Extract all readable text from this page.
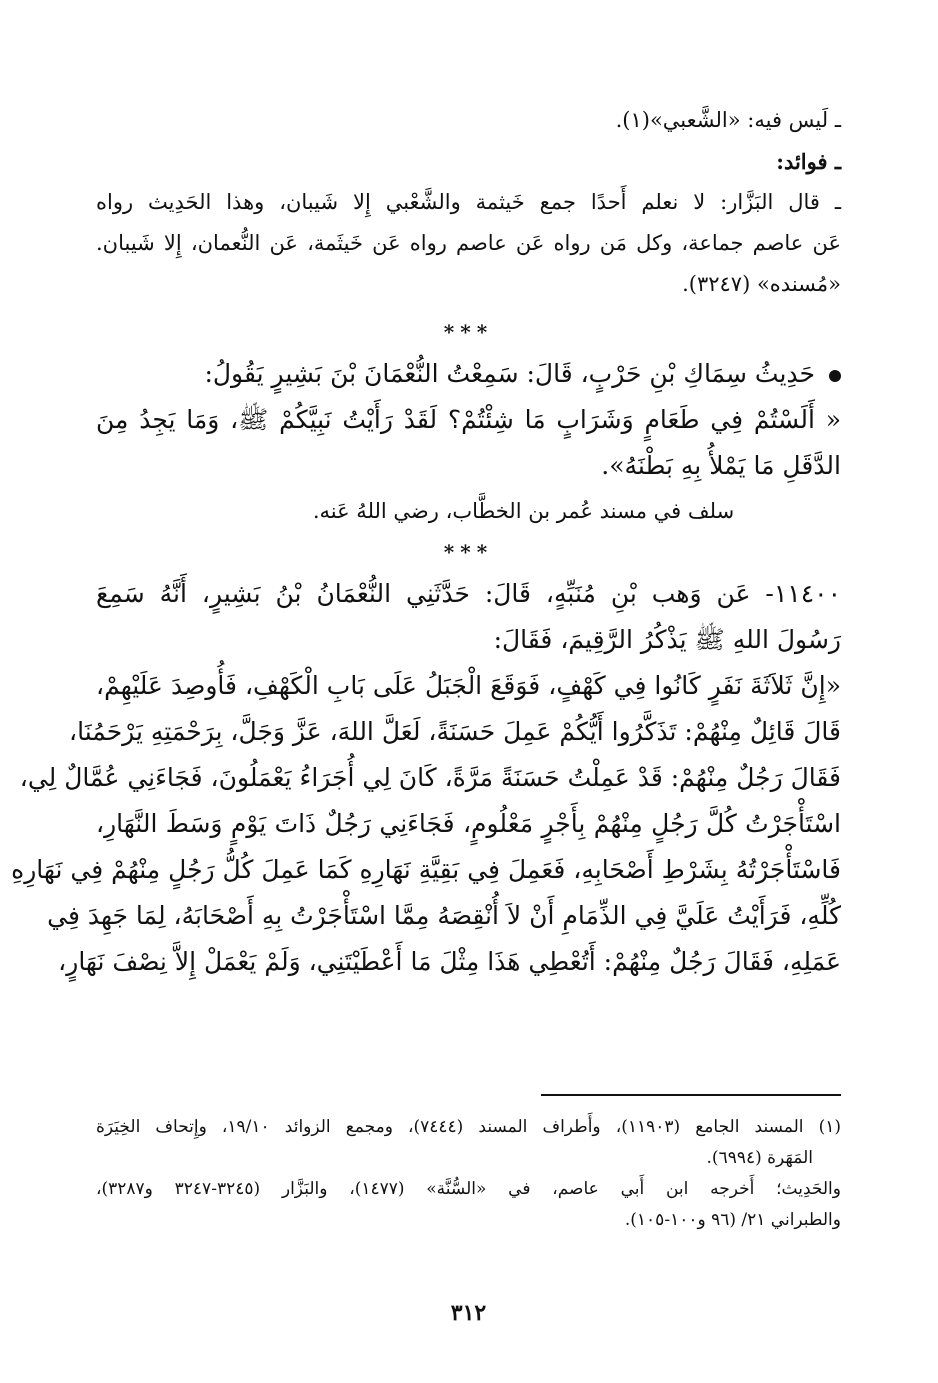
ـ لَيس فيه: «الشَّعبي»(١).

ـ فوائد:

ـ قال البَزَّار: لا نعلم أَحدًا جمع خَيثمة والشَّعْبي إِلا شَيبان، وهذا الحَدِيث رواه

عَن عاصم جماعة، وكل مَن رواه عَن عاصم رواه عَن خَيثَمة، عَن النُّعمان، إِلا شَيبان.

«مُسنده» (٣٢٤٧).

***

حَدِيثُ سِمَاكِ بْنِ حَرْبٍ، قَالَ: سَمِعْتُ النُّعْمَانَ بْنَ بَشِيرٍ يَقُولُ:

« أَلَسْتُمْ فِي طَعَامٍ وَشَرَابٍ مَا شِئْتُمْ؟ لَقَدْ رَأَيْتُ نَبِيَّكُمْ ﷺ، وَمَا يَجِدُ مِنَ

الدَّقَلِ مَا يَمْلأُ بِهِ بَطْنَهُ».

سلف في مسند عُمر بن الخطَّاب، رضي اللهُ عَنه.

***

١١٤٠٠- عَن وَهب بْنِ مُنَبِّهٍ، قَالَ: حَدَّثَنِي النُّعْمَانُ بْنُ بَشِيرٍ، أَنَّهُ سَمِعَ

رَسُولَ اللهِ ﷺ يَذْكُرُ الرَّقِيمَ، فَقَالَ:

«إِنَّ ثَلاَثَةَ نَفَرٍ كَانُوا فِي كَهْفٍ، فَوَقَعَ الْجَبَلُ عَلَى بَابِ الْكَهْفِ، فَأُوصِدَ عَلَيْهِمْ،

قَالَ قَائِلٌ مِنْهُمْ: تَذَكَّرُوا أَيُّكُمْ عَمِلَ حَسَنَةً، لَعَلَّ اللهَ، عَزَّ وَجَلَّ، بِرَحْمَتِهِ يَرْحَمُنَا،

فَقَالَ رَجُلٌ مِنْهُمْ: قَدْ عَمِلْتُ حَسَنَةً مَرَّةً، كَانَ لِي أُجَرَاءُ يَعْمَلُونَ، فَجَاءَنِي عُمَّالٌ لِي،

اسْتَأْجَرْتُ كُلَّ رَجُلٍ مِنْهُمْ بِأَجْرٍ مَعْلُومٍ، فَجَاءَنِي رَجُلٌ ذَاتَ يَوْمٍ وَسَطَ النَّهَارِ،

فَاسْتَأْجَرْتُهُ بِشَرْطِ أَصْحَابِهِ، فَعَمِلَ فِي بَقِيَّةِ نَهَارِهِ كَمَا عَمِلَ كُلُّ رَجُلٍ مِنْهُمْ فِي نَهَارِهِ

كُلِّهِ، فَرَأَيْتُ عَلَيَّ فِي الذِّمَامِ أَنْ لاَ أُنْقِصَهُ مِمَّا اسْتَأْجَرْتُ بِهِ أَصْحَابَهُ، لِمَا جَهِدَ فِي

عَمَلِهِ، فَقَالَ رَجُلٌ مِنْهُمْ: أَتُعْطِي هَذَا مِثْلَ مَا أَعْطَيْتَنِي، وَلَمْ يَعْمَلْ إِلاَّ نِصْفَ نَهَارٍ،

(١) المسند الجامع (١١٩٠٣)، وأَطراف المسند (٧٤٤٤)، ومجمع الزوائد ١٩/١٠، وإِتحاف الخِيَرَة

المَهَرة (٦٩٩٤).

والحَدِيث؛ أَخرجه ابن أَبي عاصم، في «السُّنَّة» (١٤٧٧)، والبَزَّار (٣٢٤٥-٣٢٤٧ و٣٢٨٧)،

والطبراني ٢١/ (٩٦ و١٠٠-١٠٥).

٣١٢
